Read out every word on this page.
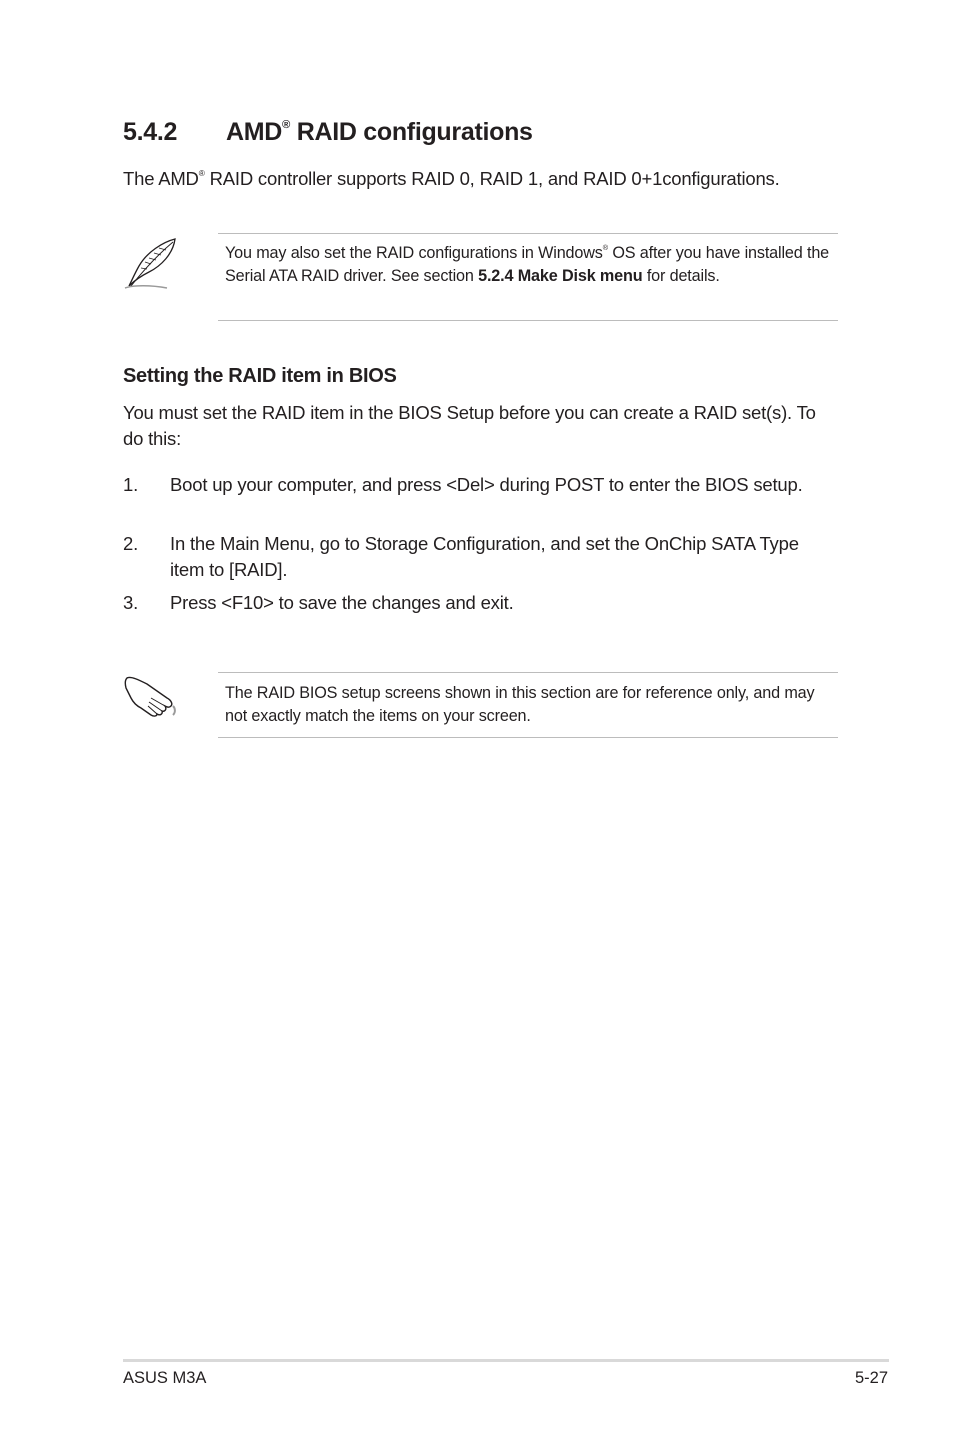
5.4.2 AMD® RAID configurations
The AMD® RAID controller supports RAID 0, RAID 1, and RAID 0+1configurations.
You may also set the RAID configurations in Windows® OS after you have installed the Serial ATA RAID driver. See section 5.2.4 Make Disk menu for details.
Setting the RAID item in BIOS
You must set the RAID item in the BIOS Setup before you can create a RAID set(s). To do this:
1.	Boot up your computer, and press <Del> during POST to enter the BIOS setup.
2.	In the Main Menu, go to Storage Configuration, and set the OnChip SATA Type item to [RAID].
3.	Press <F10> to save the changes and exit.
The RAID BIOS setup screens shown in this section are for reference only, and may not exactly match the items on your screen.
ASUS M3A	5-27
